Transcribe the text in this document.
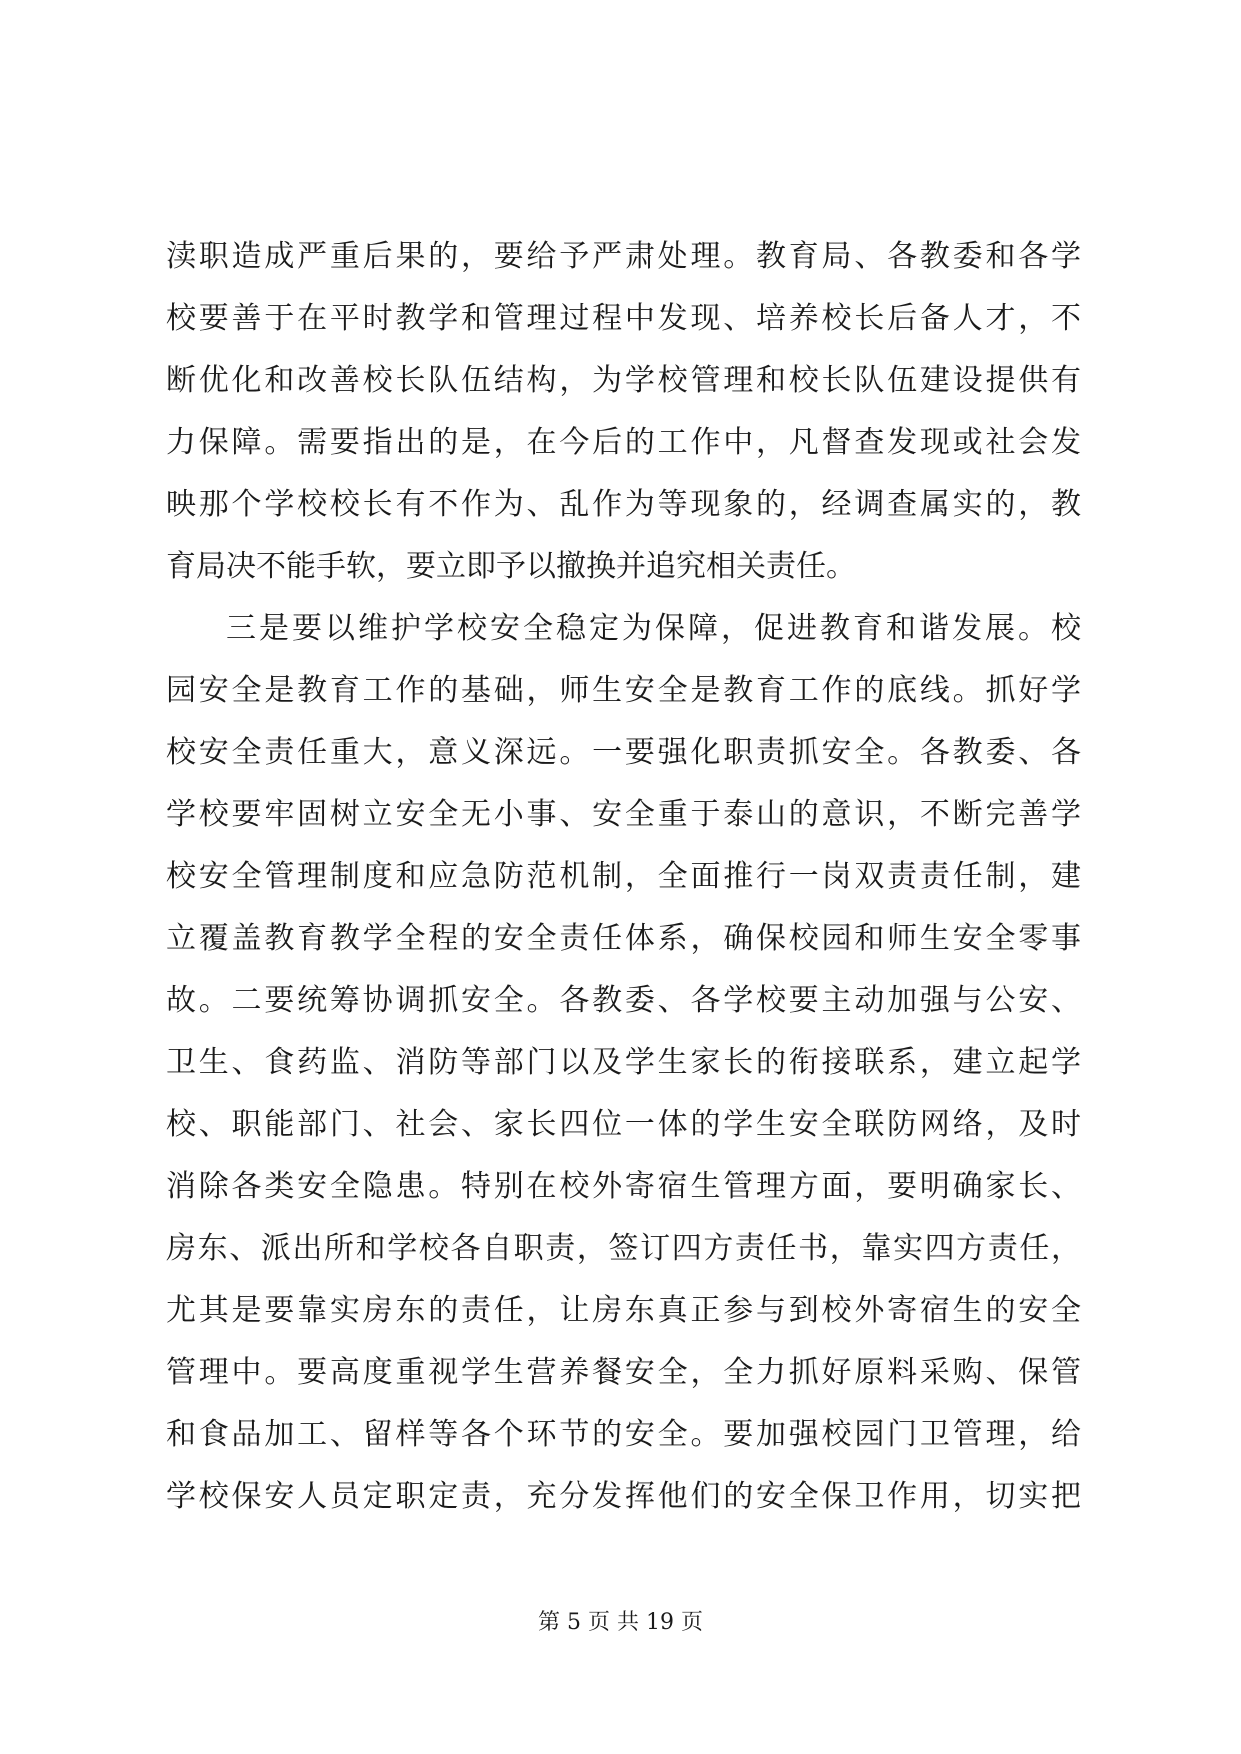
渎职造成严重后果的，要给予严肃处理。教育局、各教委和各学
校要善于在平时教学和管理过程中发现、培养校长后备人才，不
断优化和改善校长队伍结构，为学校管理和校长队伍建设提供有
力保障。需要指出的是，在今后的工作中，凡督查发现或社会发
映那个学校校长有不作为、乱作为等现象的，经调查属实的，教
育局决不能手软，要立即予以撤换并追究相关责任。
三是要以维护学校安全稳定为保障，促进教育和谐发展。校
园安全是教育工作的基础，师生安全是教育工作的底线。抓好学
校安全责任重大，意义深远。一要强化职责抓安全。各教委、各
学校要牢固树立安全无小事、安全重于泰山的意识，不断完善学
校安全管理制度和应急防范机制，全面推行一岗双责责任制，建
立覆盖教育教学全程的安全责任体系，确保校园和师生安全零事
故。二要统筹协调抓安全。各教委、各学校要主动加强与公安、
卫生、食药监、消防等部门以及学生家长的衔接联系，建立起学
校、职能部门、社会、家长四位一体的学生安全联防网络，及时
消除各类安全隐患。特别在校外寄宿生管理方面，要明确家长、
房东、派出所和学校各自职责，签订四方责任书，靠实四方责任，
尤其是要靠实房东的责任，让房东真正参与到校外寄宿生的安全
管理中。要高度重视学生营养餐安全，全力抓好原料采购、保管
和食品加工、留样等各个环节的安全。要加强校园门卫管理，给
学校保安人员定职定责，充分发挥他们的安全保卫作用，切实把
第 5 页 共 19 页
